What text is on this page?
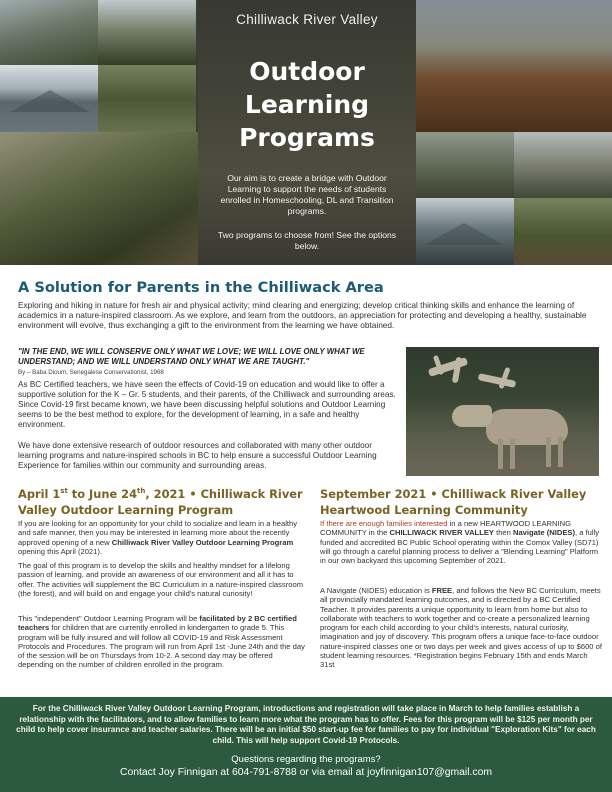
Chilliwack River Valley
Outdoor
Learning
Programs
Our aim is to create a bridge with Outdoor Learning to support the needs of students enrolled in Homeschooling, DL and Transition programs.
Two programs to choose from! See the options below.
A Solution for Parents in the Chilliwack Area
Exploring and hiking in nature for fresh air and physical activity; mind clearing and energizing; develop critical thinking skills and enhance the learning of academics in a nature-inspired classroom. As we explore, and learn from the outdoors, an appreciation for protecting and developing a healthy, sustainable environment will evolve, thus exchanging a gift to the environment from the learning we have obtained.
"IN THE END, WE WILL CONSERVE ONLY WHAT WE LOVE; WE WILL LOVE ONLY WHAT WE UNDERSTAND; AND WE WILL UNDERSTAND ONLY WHAT WE ARE TAUGHT."
By – Baba Dioum, Senegalese Conservationist, 1968
As BC Certified teachers, we have seen the effects of Covid-19 on education and would like to offer a supportive solution for the K – Gr. 5 students, and their parents, of the Chilliwack and surrounding areas. Since Covid-19 first became known, we have been discussing helpful solutions and Outdoor Learning seems to be the best method to explore, for the development of learning, in a safe and healthy environment.
We have done extensive research of outdoor resources and collaborated with many other outdoor learning programs and nature-inspired schools in BC to help ensure a successful Outdoor Learning Experience for families within our community and surrounding areas.
April 1st to June 24th, 2021 • Chilliwack River Valley Outdoor Learning Program
If you are looking for an opportunity for your child to socialize and learn in a healthy and safe manner, then you may be interested in learning more about the recently approved opening of a new Chilliwack River Valley Outdoor Learning Program opening this April (2021).
The goal of this program is to develop the skills and healthy mindset for a lifelong passion of learning, and provide an awareness of our environment and all it has to offer. The activities will supplement the BC Curriculum in a nature-inspired classroom (the forest), and will build on and engage your child's natural curiosity!
This "independent" Outdoor Learning Program will be facilitated by 2 BC certified teachers for children that are currently enrolled in kindergarten to grade 5. This program will be fully insured and will follow all COVID-19 and Risk Assessment Protocols and Procedures. The program will run from April 1st -June 24th and the day of the session will be on Thursdays from 10-2. A second day may be offered depending on the number of children enrolled in the program.
September 2021 • Chilliwack River Valley Heartwood Learning Community
If there are enough families interested in a new HEARTWOOD LEARNING COMMUNITY in the CHILLIWACK RIVER VALLEY then Navigate (NIDES), a fully funded and accredited BC Public School operating within the Comox Valley (SD71) will go through a careful planning process to deliver a "Blending Learning" Platform in our own backyard this upcoming September of 2021.
A Navigate (NIDES) education is FREE, and follows the New BC Curriculum, meets all provincially mandated learning outcomes, and is directed by a BC Certified Teacher. It provides parents a unique opportunity to learn from home but also to collaborate with teachers to work together and co-create a personalized learning program for each child according to your child's interests, natural curiosity, imagination and joy of discovery. This program offers a unique face-to-face outdoor nature-inspired classes one or two days per week and gives access of up to $600 of student learning resources. *Registration begins February 15th and ends March 31st
For the Chilliwack River Valley Outdoor Learning Program, introductions and registration will take place in March to help families establish a relationship with the facilitators, and to allow families to learn more what the program has to offer. Fees for this program will be $125 per month per child to help cover insurance and teacher salaries. There will be an initial $50 start-up fee for families to pay for individual "Exploration Kits" for each child. This will help support Covid-19 Protocols.
Questions regarding the programs?
Contact Joy Finnigan at 604-791-8788 or via email at joyfinnigan107@gmail.com
